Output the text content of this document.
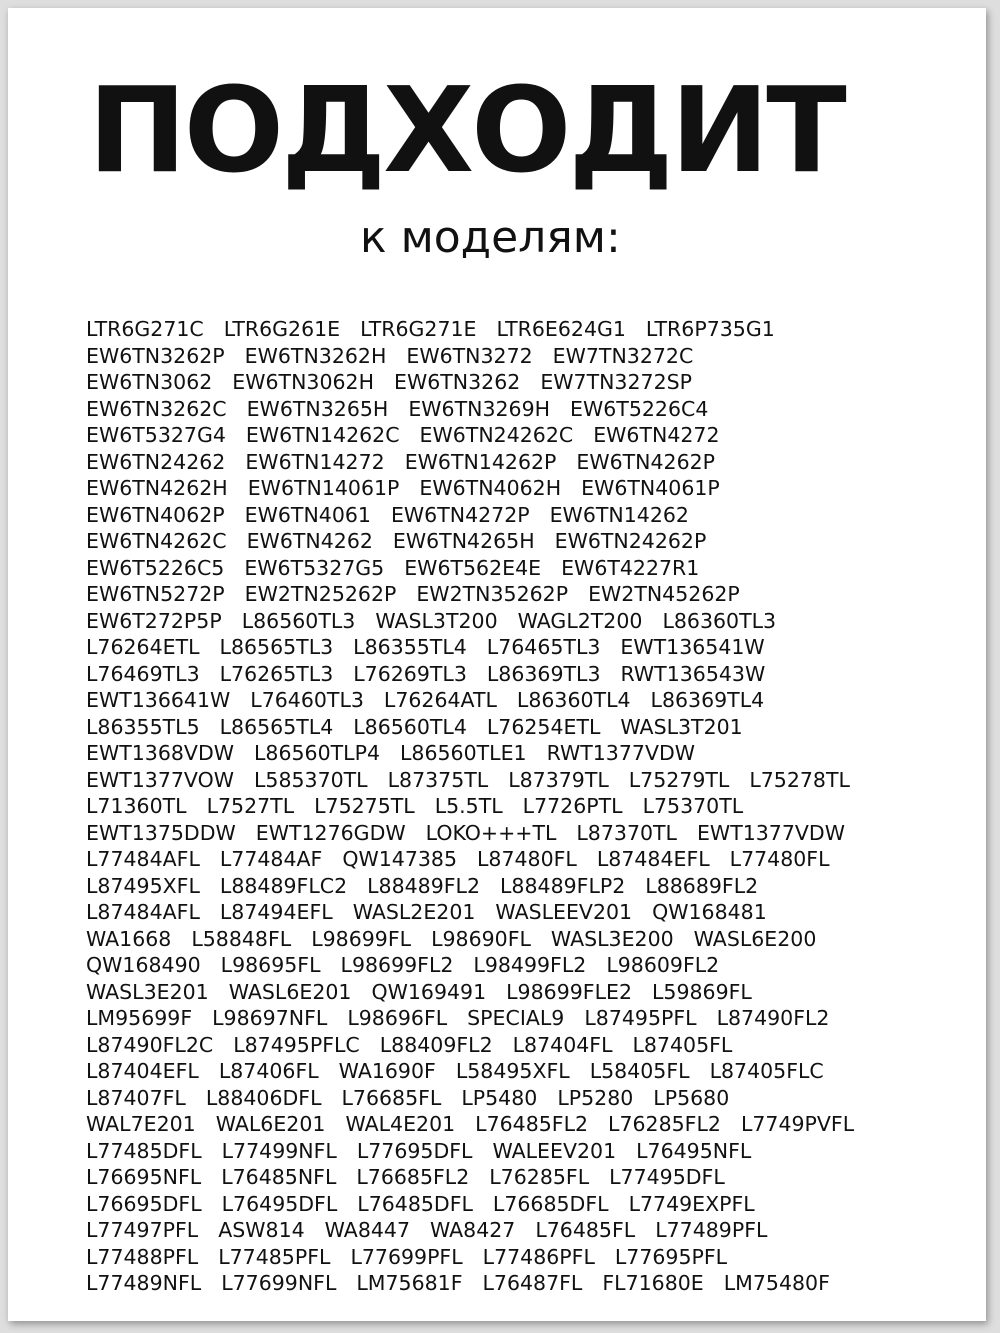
ПОДХОДИТ
к моделям:
LTR6G271C LTR6G261E LTR6G271E LTR6E624G1 LTR6P735G1
EW6TN3262P EW6TN3262H EW6TN3272 EW7TN3272C
EW6TN3062 EW6TN3062H EW6TN3262 EW7TN3272SP
EW6TN3262C EW6TN3265H EW6TN3269H EW6T5226C4
EW6T5327G4 EW6TN14262C EW6TN24262C EW6TN4272
EW6TN24262 EW6TN14272 EW6TN14262P EW6TN4262P
EW6TN4262H EW6TN14061P EW6TN4062H EW6TN4061P
EW6TN4062P EW6TN4061 EW6TN4272P EW6TN14262
EW6TN4262C EW6TN4262 EW6TN4265H EW6TN24262P
EW6T5226C5 EW6T5327G5 EW6T562E4E EW6T4227R1
EW6TN5272P EW2TN25262P EW2TN35262P EW2TN45262P
EW6T272P5P L86560TL3 WASL3T200 WAGL2T200 L86360TL3
L76264ETL L86565TL3 L86355TL4 L76465TL3 EWT136541W
L76469TL3 L76265TL3 L76269TL3 L86369TL3 RWT136543W
EWT136641W L76460TL3 L76264ATL L86360TL4 L86369TL4
L86355TL5 L86565TL4 L86560TL4 L76254ETL WASL3T201
EWT1368VDW L86560TLP4 L86560TLE1 RWT1377VDW
EWT1377VOW L585370TL L87375TL L87379TL L75279TL L75278TL
L71360TL L7527TL L75275TL L5.5TL L7726PTL L75370TL
EWT1375DDW EWT1276GDW LOKO+++TL L87370TL EWT1377VDW
L77484AFL L77484AF QW147385 L87480FL L87484EFL L77480FL
L87495XFL L88489FLC2 L88489FL2 L88489FLP2 L88689FL2
L87484AFL L87494EFL WASL2E201 WASLEEV201 QW168481
WA1668 L58848FL L98699FL L98690FL WASL3E200 WASL6E200
QW168490 L98695FL L98699FL2 L98499FL2 L98609FL2
WASL3E201 WASL6E201 QW169491 L98699FLE2 L59869FL
LM95699F L98697NFL L98696FL SPECIAL9 L87495PFL L87490FL2
L87490FL2C L87495PFLC L88409FL2 L87404FL L87405FL
L87404EFL L87406FL WA1690F L58495XFL L58405FL L87405FLC
L87407FL L88406DFL L76685FL LP5480 LP5280 LP5680
WAL7E201 WAL6E201 WAL4E201 L76485FL2 L76285FL2 L7749PVFL
L77485DFL L77499NFL L77695DFL WALEEV201 L76495NFL
L76695NFL L76485NFL L76685FL2 L76285FL L77495DFL
L76695DFL L76495DFL L76485DFL L76685DFL L7749EXPFL
L77497PFL ASW814 WA8447 WA8427 L76485FL L77489PFL
L77488PFL L77485PFL L77699PFL L77486PFL L77695PFL
L77489NFL L77699NFL LM75681F L76487FL FL71680E LM75480F
